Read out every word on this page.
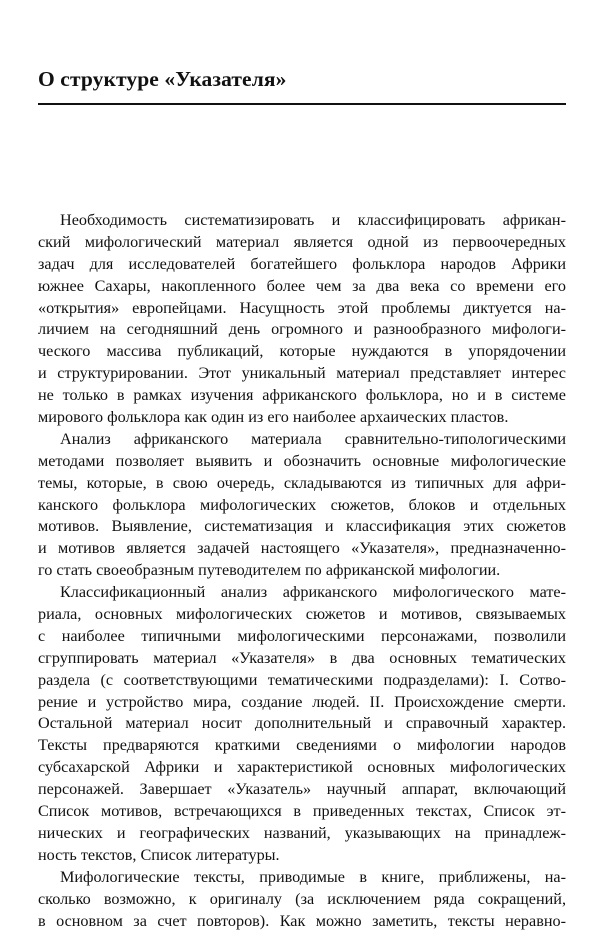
О структуре «Указателя»
Необходимость систематизировать и классифицировать африкан-
ский мифологический материал является одной из первоочередных
задач для исследователей богатейшего фольклора народов Африки
южнее Сахары, накопленного более чем за два века со времени его
«открытия» европейцами. Насущность этой проблемы диктуется на-
личием на сегодняшний день огромного и разнообразного мифологи-
ческого массива публикаций, которые нуждаются в упорядочении
и структурировании. Этот уникальный материал представляет интерес
не только в рамках изучения африканского фольклора, но и в системе
мирового фольклора как один из его наиболее архаических пластов.
Анализ африканского материала сравнительно-типологическими
методами позволяет выявить и обозначить основные мифологические
темы, которые, в свою очередь, складываются из типичных для афри-
канского фольклора мифологических сюжетов, блоков и отдельных
мотивов. Выявление, систематизация и классификация этих сюжетов
и мотивов является задачей настоящего «Указателя», предназначенно-
го стать своеобразным путеводителем по африканской мифологии.
Классификационный анализ африканского мифологического мате-
риала, основных мифологических сюжетов и мотивов, связываемых
с наиболее типичными мифологическими персонажами, позволили
сгруппировать материал «Указателя» в два основных тематических
раздела (с соответствующими тематическими подразделами): I. Сотво-
рение и устройство мира, создание людей. II. Происхождение смерти.
Остальной материал носит дополнительный и справочный характер.
Тексты предваряются краткими сведениями о мифологии народов
субсахарской Африки и характеристикой основных мифологических
персонажей. Завершает «Указатель» научный аппарат, включающий
Список мотивов, встречающихся в приведенных текстах, Список эт-
нических и географических названий, указывающих на принадлеж-
ность текстов, Список литературы.
Мифологические тексты, приводимые в книге, приближены, на-
сколько возможно, к оригиналу (за исключением ряда сокращений,
в основном за счет повторов). Как можно заметить, тексты неравно-
